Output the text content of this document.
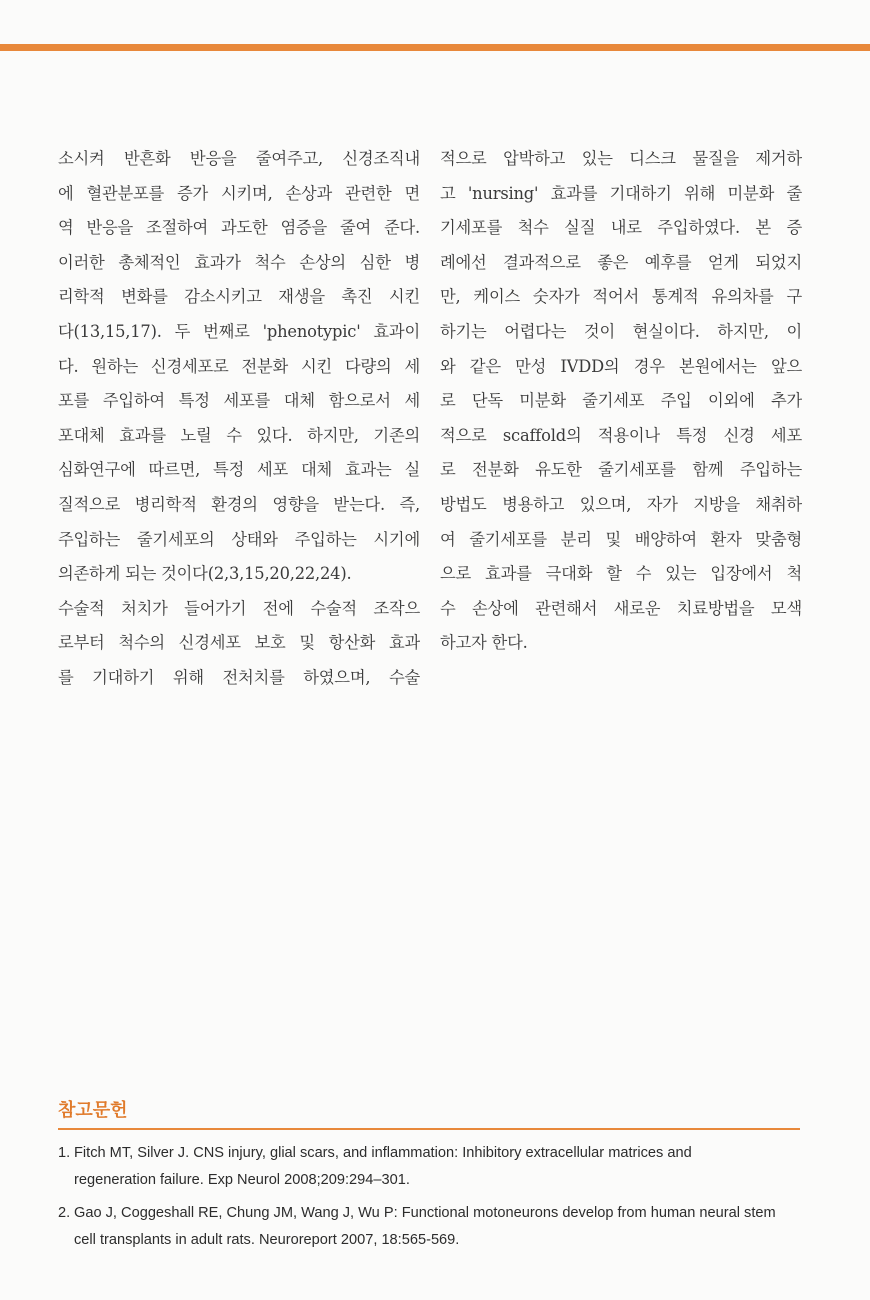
소시켜 반흔화 반응을 줄여주고, 신경조직내
에 혈관분포를 증가 시키며, 손상과 관련한 면
역 반응을 조절하여 과도한 염증을 줄여 준다.
이러한 총체적인 효과가 척수 손상의 심한 병
리학적 변화를 감소시키고 재생을 촉진 시킨
다(13,15,17). 두 번째로 'phenotypic' 효과이
다. 원하는 신경세포로 전분화 시킨 다량의 세
포를 주입하여 특정 세포를 대체 함으로서 세
포대체 효과를 노릴 수 있다. 하지만, 기존의
심화연구에 따르면, 특정 세포 대체 효과는 실
질적으로 병리학적 환경의 영향을 받는다. 즉,
주입하는 줄기세포의 상태와 주입하는 시기에
의존하게 되는 것이다(2,3,15,20,22,24).
수술적 처치가 들어가기 전에 수술적 조작으
로부터 척수의 신경세포 보호 및 항산화 효과
를 기대하기 위해 전처치를 하였으며, 수술
적으로 압박하고 있는 디스크 물질을 제거하
고 'nursing' 효과를 기대하기 위해 미분화 줄
기세포를 척수 실질 내로 주입하였다. 본 증
례에선 결과적으로 좋은 예후를 얻게 되었지
만, 케이스 숫자가 적어서 통계적 유의차를 구
하기는 어렵다는 것이 현실이다. 하지만, 이
와 같은 만성 IVDD의 경우 본원에서는 앞으
로 단독 미분화 줄기세포 주입 이외에 추가
적으로 scaffold의 적용이나 특정 신경 세포
로 전분화 유도한 줄기세포를 함께 주입하는
방법도 병용하고 있으며, 자가 지방을 채취하
여 줄기세포를 분리 및 배양하여 환자 맞춤형
으로 효과를 극대화 할 수 있는 입장에서 척
수 손상에 관련해서 새로운 치료방법을 모색
하고자 한다.
참고문헌
1. Fitch MT, Silver J. CNS injury, glial scars, and inflammation: Inhibitory extracellular matrices and
regeneration failure. Exp Neurol 2008;209:294–301.
2. Gao J, Coggeshall RE, Chung JM, Wang J, Wu P: Functional motoneurons develop from human neural stem
cell transplants in adult rats. Neuroreport 2007, 18:565-569.
